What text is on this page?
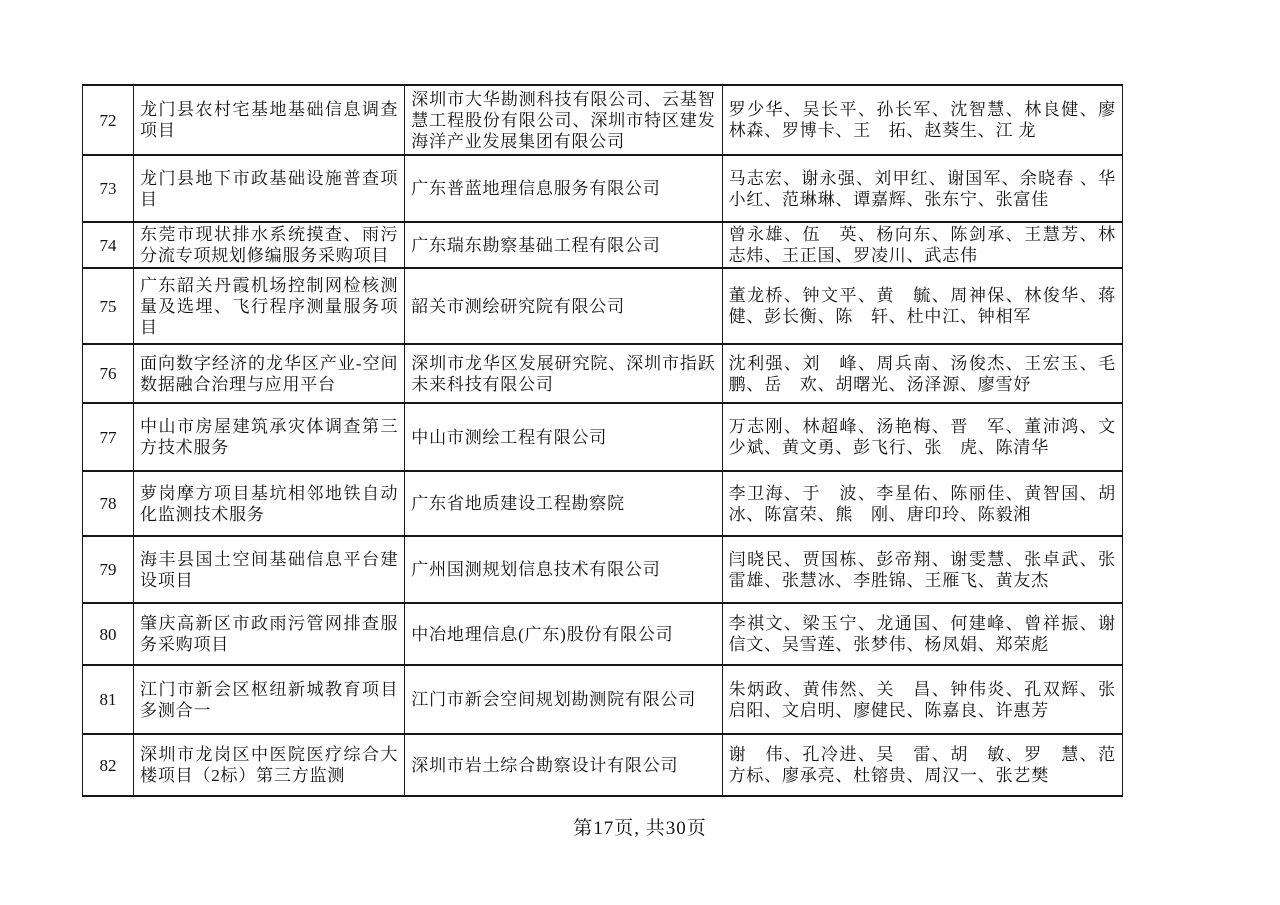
72	龙门县农村宅基地基础信息调查项目	深圳市大华勘测科技有限公司、云基智慧工程股份有限公司、深圳市特区建发海洋产业发展集团有限公司	罗少华、吴长平、孙长军、沈智慧、林良健、廖林森、罗博卡、王　拓、赵葵生、江 龙
73	龙门县地下市政基础设施普查项目	广东普蓝地理信息服务有限公司	马志宏、谢永强、刘甲红、谢国军、余晓春 、华小红、范琳琳、谭嘉辉、张东宁、张富佳
74	东莞市现状排水系统摸查、雨污分流专项规划修编服务采购项目	广东瑞东勘察基础工程有限公司	曾永雄、伍　英、杨向东、陈剑承、王慧芳、林志炜、王正国、罗凌川、武志伟
75	广东韶关丹霞机场控制网检核测量及选埋、飞行程序测量服务项目	韶关市测绘研究院有限公司	董龙桥、钟文平、黄　毓、周神保、林俊华、蒋健、彭长衡、陈　轩、杜中江、钟相军
76	面向数字经济的龙华区产业-空间数据融合治理与应用平台	深圳市龙华区发展研究院、深圳市指跃未来科技有限公司	沈利强、刘　峰、周兵南、汤俊杰、王宏玉、毛鹏、岳　欢、胡曙光、汤泽源、廖雪妤
77	中山市房屋建筑承灾体调查第三方技术服务	中山市测绘工程有限公司	万志刚、林超峰、汤艳梅、晋　军、董沛鸿、文少斌、黄文勇、彭飞行、张　虎、陈清华
78	萝岗摩方项目基坑相邻地铁自动化监测技术服务	广东省地质建设工程勘察院	李卫海、于　波、李星佑、陈丽佳、黄智国、胡冰、陈富荣、熊　刚、唐印玲、陈毅湘
79	海丰县国土空间基础信息平台建设项目	广州国测规划信息技术有限公司	闫晓民、贾国栋、彭帝翔、谢雯慧、张卓武、张雷雄、张慧冰、李胜锦、王雁飞、黄友杰
80	肇庆高新区市政雨污管网排查服务采购项目	中冶地理信息(广东)股份有限公司	李祺文、梁玉宁、龙通国、何建峰、曾祥振、谢信文、吴雪莲、张梦伟、杨凤娟、郑荣彪
81	江门市新会区枢纽新城教育项目多测合一	江门市新会空间规划勘测院有限公司	朱炳政、黄伟然、关　昌、钟伟炎、孔双辉、张启阳、文启明、廖健民、陈嘉良、许惠芳
82	深圳市龙岗区中医院医疗综合大楼项目（2标）第三方监测	深圳市岩土综合勘察设计有限公司	谢　伟、孔冷进、吴　雷、胡　敏、罗　慧、范方标、廖承亮、杜镕贵、周汉一、张艺樊
第17页, 共30页
